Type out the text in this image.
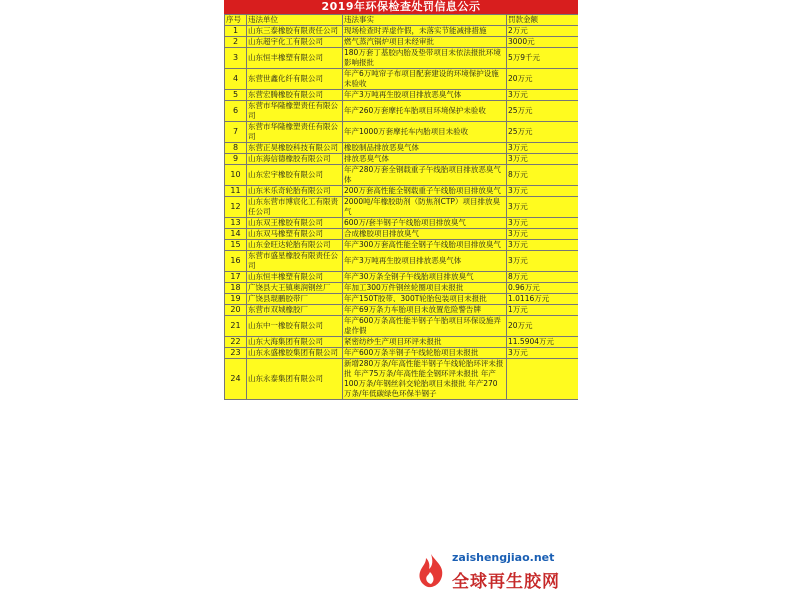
2019年环保检查处罚信息公示
序号	违法单位	违法事实	罚款金额
1	山东三泰橡胶有限责任公司	现场检查时弄虚作假，未落实节能减排措施	2万元
2	山东超宇化工有限公司	燃气蒸汽锅炉项目未经审批	3000元
3	山东恒丰橡塑有限公司	180万套丁基胶内胎及垫带项目未依法报批环境影响报批	5万9千元
4	东营世鑫化纤有限公司	年产6万吨帘子布项目配套建设的环境保护设施未验收	20万元
5	东营宏腾橡胶有限公司	年产3万吨再生胶项目排放恶臭气体	3万元
6	东营市华隆橡塑责任有限公司	年产260万套摩托车胎项目环境保护未验收	25万元
7	东营市华隆橡塑责任有限公司	年产1000万套摩托车内胎项目未验收	25万元
8	东营正昊橡胶科技有限公司	橡胶制品排放恶臭气体	3万元
9	山东海信德橡胶有限公司	排放恶臭气体	3万元
10	山东宏宇橡胶有限公司	年产280万套全钢载重子午线胎项目排放恶臭气体	8万元
11	山东米乐奇轮胎有限公司	200万套高性能全钢载重子午线胎项目排放臭气	3万元
12	山东东营市博宸化工有限责任公司	2000吨/年橡胶助剂（防焦剂CTP）项目排放臭气	3万元
13	山东双王橡胶有限公司	600万/套半钢子午线胎项目排放臭气	3万元
14	山东双马橡塑有限公司	合成橡胶项目排放臭气	3万元
15	山东金旺达轮胎有限公司	年产300万套高性能全钢子午线胎项目排放臭气	3万元
16	东营市盛星橡胶有限责任公司	年产3万吨再生胶项目排放恶臭气体	3万元
17	山东恒丰橡塑有限公司	年产30万条全钢子午线胎项目排放臭气	8万元
18	广饶县大王镇奥润钢丝厂	年加工300万件钢丝轮圈项目未报批	0.96万元
19	广饶县琨鹏胶带厂	年产150T胶带、300T轮胎包装项目未报批	1.0116万元
20	东营市双城橡胶厂	年产69万条力车胎项目未放置危险警告牌	1万元
21	山东中一橡胶有限公司	年产600万条高性能半钢子午胎项目环保设施弄虚作假	20万元
22	山东大海集团有限公司	紧密纺纱生产项目环评未报批	11.5904万元
23	山东永盛橡胶集团有限公司	年产600万条半钢子午线轮胎项目未报批	3万元
24	山东永泰集团有限公司	新增280万条/年高性能半钢子午线轮胎环评未报批 年产75万条/年高性能全钢环评未报批 年产100万条/年钢丝斜交轮胎项目未报批 年产270万条/年低碳绿色环保半钢子	
zaishengjiao.net
全球再生胶网
